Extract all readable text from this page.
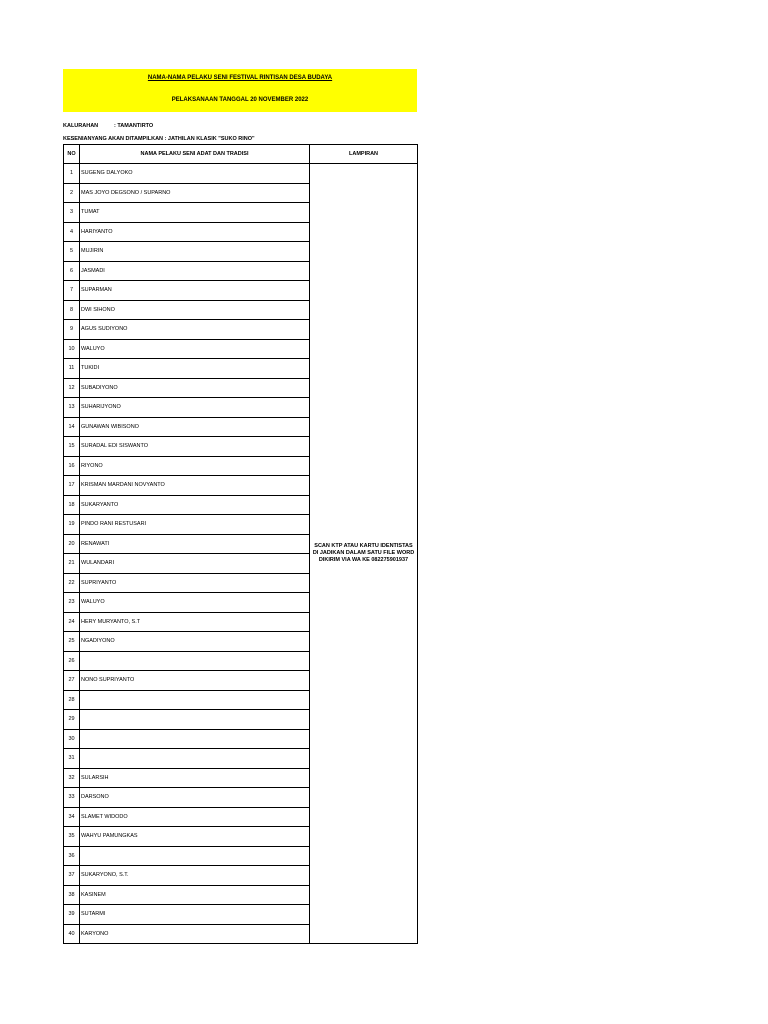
NAMA-NAMA PELAKU SENI FESTIVAL RINTISAN DESA BUDAYA
PELAKSANAAN TANGGAL 20 NOVEMBER 2022
KALURAHAN	: TAMANTIRTO
KESENIANYANG AKAN DITAMPILKAN : JATHILAN KLASIK "SUKO RINO"
NO	NAMA PELAKU SENI ADAT DAN TRADISI	LAMPIRAN
1	SUGENG DALYOKO	SCAN KTP ATAU KARTU IDENTISTAS DI JADIKAN DALAM SATU FILE WORD DIKIRIM VIA WA KE 082275901937
2	MAS JOYO DEGSONO / SUPARNO	
3	TUMAT	
4	HARIYANTO	
5	MUJIRIN	
6	JASMADI	
7	SUPARMAN	
8	DWI SIHONO	
9	AGUS SUDIYONO	
10	WALUYO	
11	TUKIDI	
12	SUBADIYONO	
13	SUHARIJYONO	
14	GUNAWAN WIBISONO	
15	SURADAL EDI SISWANTO	
16	RIYONO	
17	KRISMAN MARDANI NOVYANTO	
18	SUKARYANTO	
19	PINDO RANI RESTUSARI	
20	RENAWATI	
21	WULANDARI	
22	SUPRIYANTO	
23	WALUYO	
24	HERY MURYANTO, S.T	
25	NGADIYONO	
26		
27	NONO SUPRIYANTO	
28		
29		
30		
31		
32	SULARSIH	
33	DARSONO	
34	SLAMET WIDODO	
35	WAHYU PAMUNGKAS	
36		
37	SUKARYONO, S.T.	
38	KASINEM	
39	SUTARMI	
40	KARYONO	
